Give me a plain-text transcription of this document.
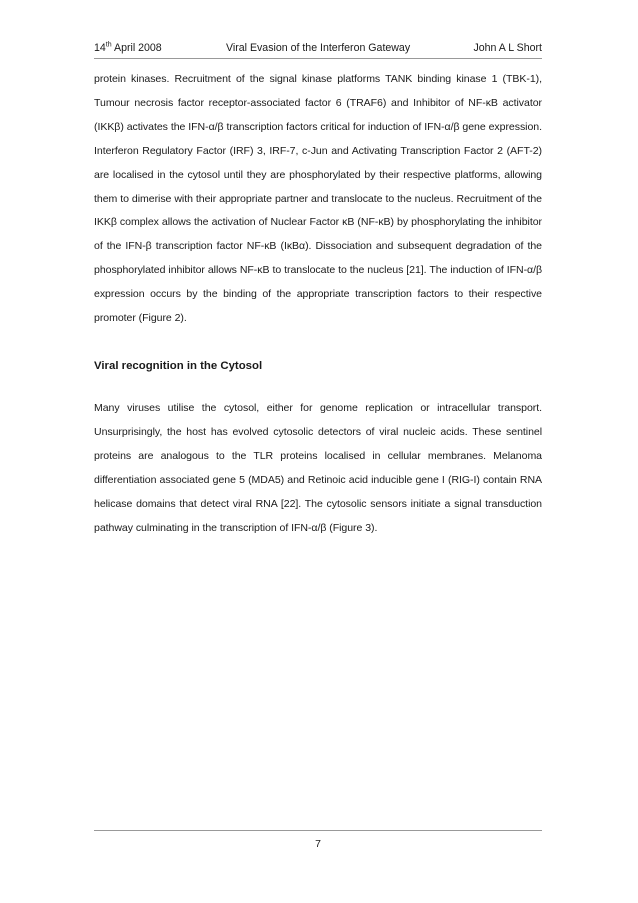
14th April 2008	Viral Evasion of the Interferon Gateway	John A L Short

protein kinases. Recruitment of the signal kinase platforms TANK binding kinase 1 (TBK-1), Tumour necrosis factor receptor-associated factor 6 (TRAF6) and Inhibitor of NF-κB activator (IKKβ) activates the IFN-α/β transcription factors critical for induction of IFN-α/β gene expression. Interferon Regulatory Factor (IRF) 3, IRF-7, c-Jun and Activating Transcription Factor 2 (AFT-2) are localised in the cytosol until they are phosphorylated by their respective platforms, allowing them to dimerise with their appropriate partner and translocate to the nucleus. Recruitment of the IKKβ complex allows the activation of Nuclear Factor κB (NF-κB) by phosphorylating the inhibitor of the IFN-β transcription factor NF-κB (IκBα). Dissociation and subsequent degradation of the phosphorylated inhibitor allows NF-κB to translocate to the nucleus [21]. The induction of IFN-α/β expression occurs by the binding of the appropriate transcription factors to their respective promoter (Figure 2).

Viral recognition in the Cytosol

Many viruses utilise the cytosol, either for genome replication or intracellular transport. Unsurprisingly, the host has evolved cytosolic detectors of viral nucleic acids. These sentinel proteins are analogous to the TLR proteins localised in cellular membranes. Melanoma differentiation associated gene 5 (MDA5) and Retinoic acid inducible gene I (RIG-I) contain RNA helicase domains that detect viral RNA [22]. The cytosolic sensors initiate a signal transduction pathway culminating in the transcription of IFN-α/β (Figure 3).

7
